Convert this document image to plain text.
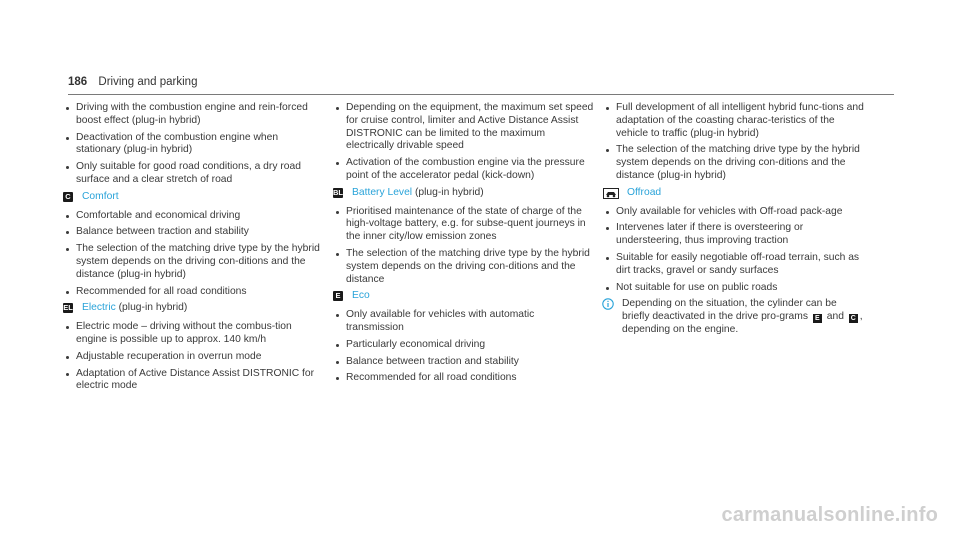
186 Driving and parking
Driving with the combustion engine and rein-forced boost effect (plug-in hybrid)
Deactivation of the combustion engine when stationary (plug-in hybrid)
Only suitable for good road conditions, a dry road surface and a clear stretch of road
C Comfort
Comfortable and economical driving
Balance between traction and stability
The selection of the matching drive type by the hybrid system depends on the driving con-ditions and the distance (plug-in hybrid)
Recommended for all road conditions
EL Electric (plug-in hybrid)
Electric mode – driving without the combus-tion engine is possible up to approx. 140 km/h
Adjustable recuperation in overrun mode
Adaptation of Active Distance Assist DISTRONIC for electric mode
Depending on the equipment, the maximum set speed for cruise control, limiter and Active Distance Assist DISTRONIC can be limited to the maximum electrically drivable speed
Activation of the combustion engine via the pressure point of the accelerator pedal (kick-down)
BL Battery Level (plug-in hybrid)
Prioritised maintenance of the state of charge of the high-voltage battery, e.g. for subse-quent journeys in the inner city/low emission zones
The selection of the matching drive type by the hybrid system depends on the driving con-ditions and the distance
E Eco
Only available for vehicles with automatic transmission
Particularly economical driving
Balance between traction and stability
Recommended for all road conditions
Full development of all intelligent hybrid func-tions and adaptation of the coasting charac-teristics of the vehicle to traffic (plug-in hybrid)
The selection of the matching drive type by the hybrid system depends on the driving con-ditions and the distance (plug-in hybrid)
Offroad
Only available for vehicles with Off-road pack-age
Intervenes later if there is oversteering or understeering, thus improving traction
Suitable for easily negotiable off-road terrain, such as dirt tracks, gravel or sandy surfaces
Not suitable for use on public roads
Depending on the situation, the cylinder can be briefly deactivated in the drive pro-grams E and C , depending on the engine.
carmanualsonline.info
